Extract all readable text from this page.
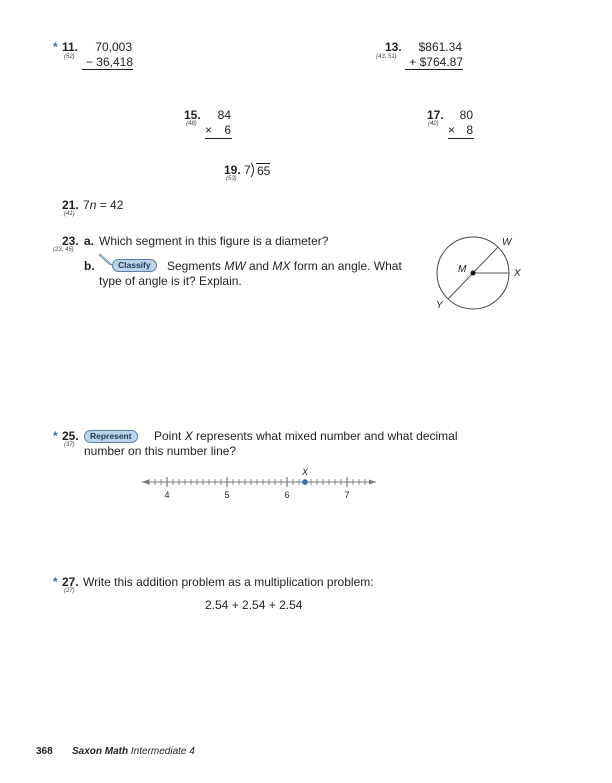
* 11.
(52)
70,003
− 36,418
13.
(43, 51)
$861.34
+ $764.87
15.
(48)
84
× 6
17.
(42)
80
× 8
19.
(53)
7 65
21.
(41)
7n = 42
23.
(23, 45)
a. Which segment in this figure is a diameter?
b.	Classify	Segments MW and MX form an angle. What
type of angle is it? Explain.
M
W
X
Y
* 25.
(37)
Represent	Point X represents what mixed number and what decimal
number on this number line?
4	5	6	7
X
* 27.
(27)
Write this addition problem as a multiplication problem:
2.54 + 2.54 + 2.54
368 Saxon Math Intermediate 4
